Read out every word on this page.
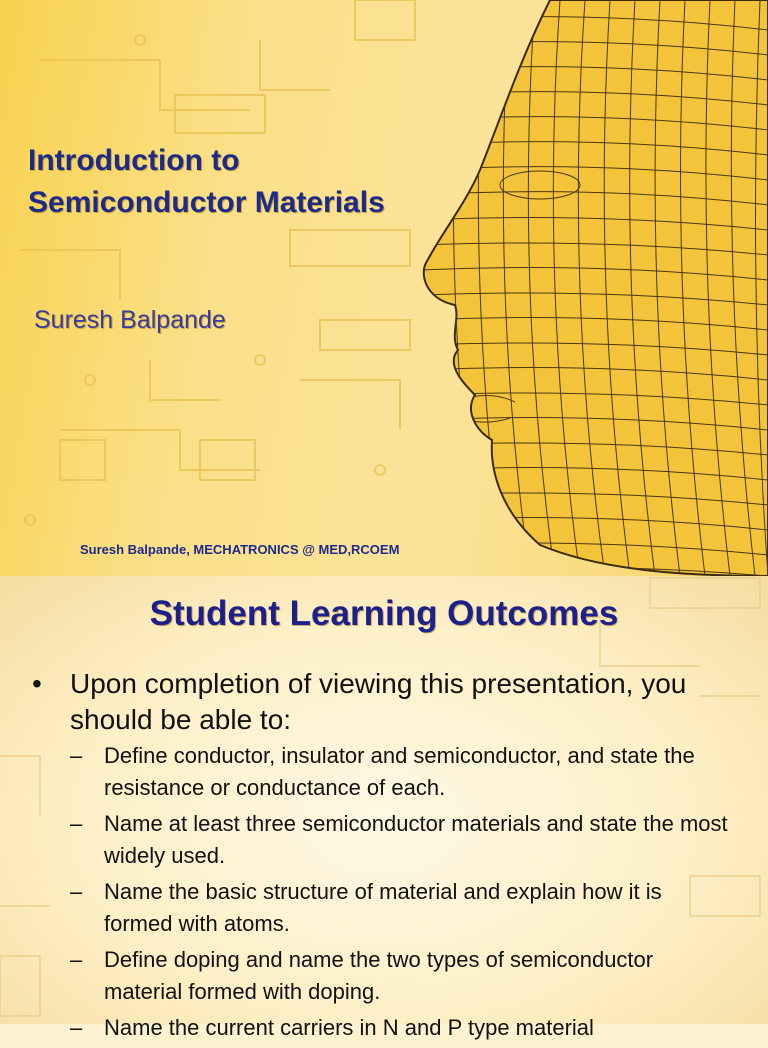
Introduction to
Semiconductor Materials
Suresh Balpande
Suresh Balpande, MECHATRONICS @ MED,RCOEM
Student Learning Outcomes
• Upon completion of viewing this presentation, you should be able to:
– Define conductor, insulator and semiconductor, and state the resistance or conductance of each.
– Name at least three semiconductor materials and state the most widely used.
– Name the basic structure of material and explain how it is formed with atoms.
– Define doping and name the two types of semiconductor material formed with doping.
– Name the current carriers in N and P type material
